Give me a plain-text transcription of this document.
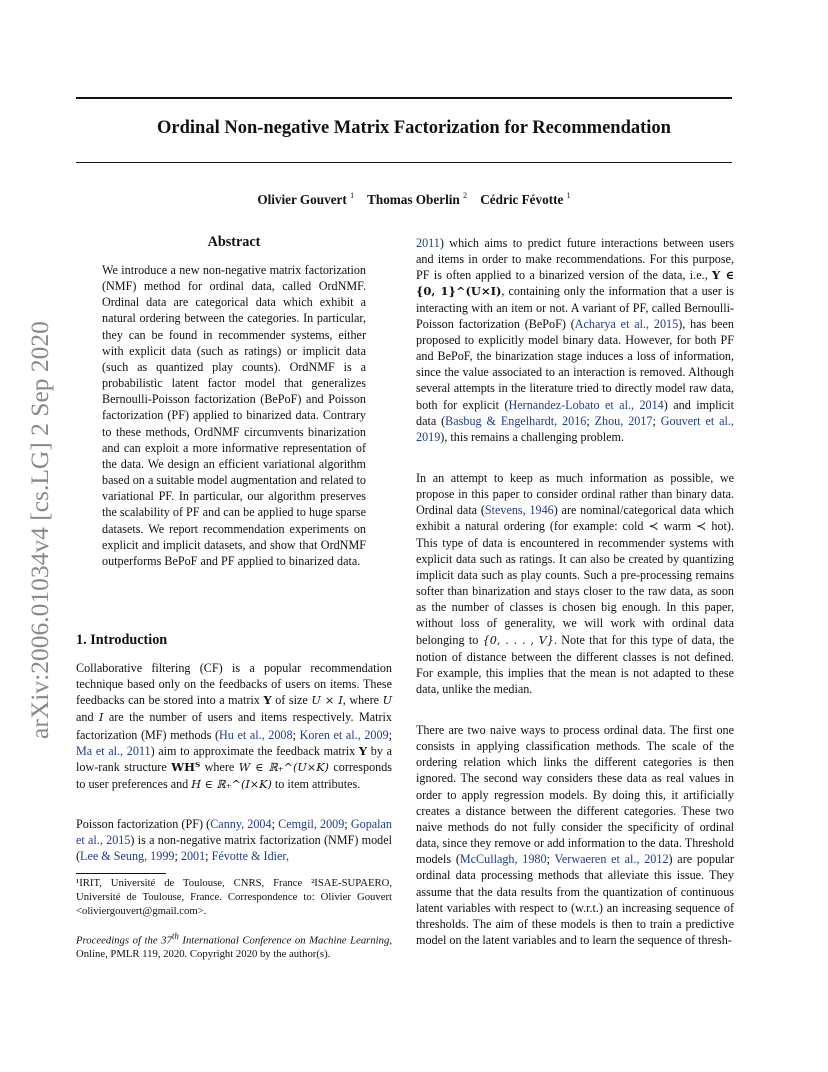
Ordinal Non-negative Matrix Factorization for Recommendation
Olivier Gouvert $^1$ Thomas Oberlin $^2$ Cédric Févotte $^1$
arXiv:2006.01034v4 [cs.LG] 2 Sep 2020
Abstract
We introduce a new non-negative matrix factorization (NMF) method for ordinal data, called OrdNMF. Ordinal data are categorical data which exhibit a natural ordering between the categories. In particular, they can be found in recommender systems, either with explicit data (such as ratings) or implicit data (such as quantized play counts). OrdNMF is a probabilistic latent factor model that generalizes Bernoulli-Poisson factorization (BePoF) and Poisson factorization (PF) applied to binarized data. Contrary to these methods, OrdNMF circumvents binarization and can exploit a more informative representation of the data. We design an efficient variational algorithm based on a suitable model augmentation and related to variational PF. In particular, our algorithm preserves the scalability of PF and can be applied to huge sparse datasets. We report recommendation experiments on explicit and implicit datasets, and show that OrdNMF outperforms BePoF and PF applied to binarized data.
1. Introduction

Collaborative filtering (CF) is a popular recommendation technique based only on the feedbacks of users on items. These feedbacks can be stored into a matrix Y of size U × I, where U and I are the number of users and items respectively. Matrix factorization (MF) methods (Hu et al., 2008; Koren et al., 2009; Ma et al., 2011) aim to approximate the feedback matrix Y by a low-rank structure WHᵀ where W ∈ ℝ₊^(U×K) corresponds to user preferences and H ∈ ℝ₊^(I×K) to item attributes.

Poisson factorization (PF) (Canny, 2004; Cemgil, 2009; Gopalan et al., 2015) is a non-negative matrix factorization (NMF) model (Lee & Seung, 1999; 2001; Févotte & Idier,

¹IRIT, Université de Toulouse, CNRS, France ²ISAE-SUPAERO, Université de Toulouse, France. Correspondence to: Olivier Gouvert <oliviergouvert@gmail.com>.
Proceedings of the 37th International Conference on Machine Learning, Online, PMLR 119, 2020. Copyright 2020 by the author(s).

2011) which aims to predict future interactions between users and items in order to make recommendations. For this purpose, PF is often applied to a binarized version of the data, i.e., Y ∈ {0, 1}^(U×I), containing only the information that a user is interacting with an item or not. A variant of PF, called Bernoulli-Poisson factorization (BePoF) (Acharya et al., 2015), has been proposed to explicitly model binary data. However, for both PF and BePoF, the binarization stage induces a loss of information, since the value associated to an interaction is removed. Although several attempts in the literature tried to directly model raw data, both for explicit (Hernandez-Lobato et al., 2014) and implicit data (Basbug & Engelhardt, 2016; Zhou, 2017; Gouvert et al., 2019), this remains a challenging problem.

In an attempt to keep as much information as possible, we propose in this paper to consider ordinal rather than binary data. Ordinal data (Stevens, 1946) are nominal/categorical data which exhibit a natural ordering (for example: cold ≺ warm ≺ hot). This type of data is encountered in recommender systems with explicit data such as ratings. It can also be created by quantizing implicit data such as play counts. Such a pre-processing remains softer than binarization and stays closer to the raw data, as soon as the number of classes is chosen big enough. In this paper, without loss of generality, we will work with ordinal data belonging to {0, . . . , V}. Note that for this type of data, the notion of distance between the different classes is not defined. For example, this implies that the mean is not adapted to these data, unlike the median.

There are two naive ways to process ordinal data. The first one consists in applying classification methods. The scale of the ordering relation which links the different categories is then ignored. The second way considers these data as real values in order to apply regression models. By doing this, it artificially creates a distance between the different categories. These two naive methods do not fully consider the specificity of ordinal data, since they remove or add information to the data. Threshold models (McCullagh, 1980; Verwaeren et al., 2012) are popular ordinal data processing methods that alleviate this issue. They assume that the data results from the quantization of continuous latent variables with respect to (w.r.t.) an increasing sequence of thresholds. The aim of these models is then to train a predictive model on the latent variables and to learn the sequence of thresh-
